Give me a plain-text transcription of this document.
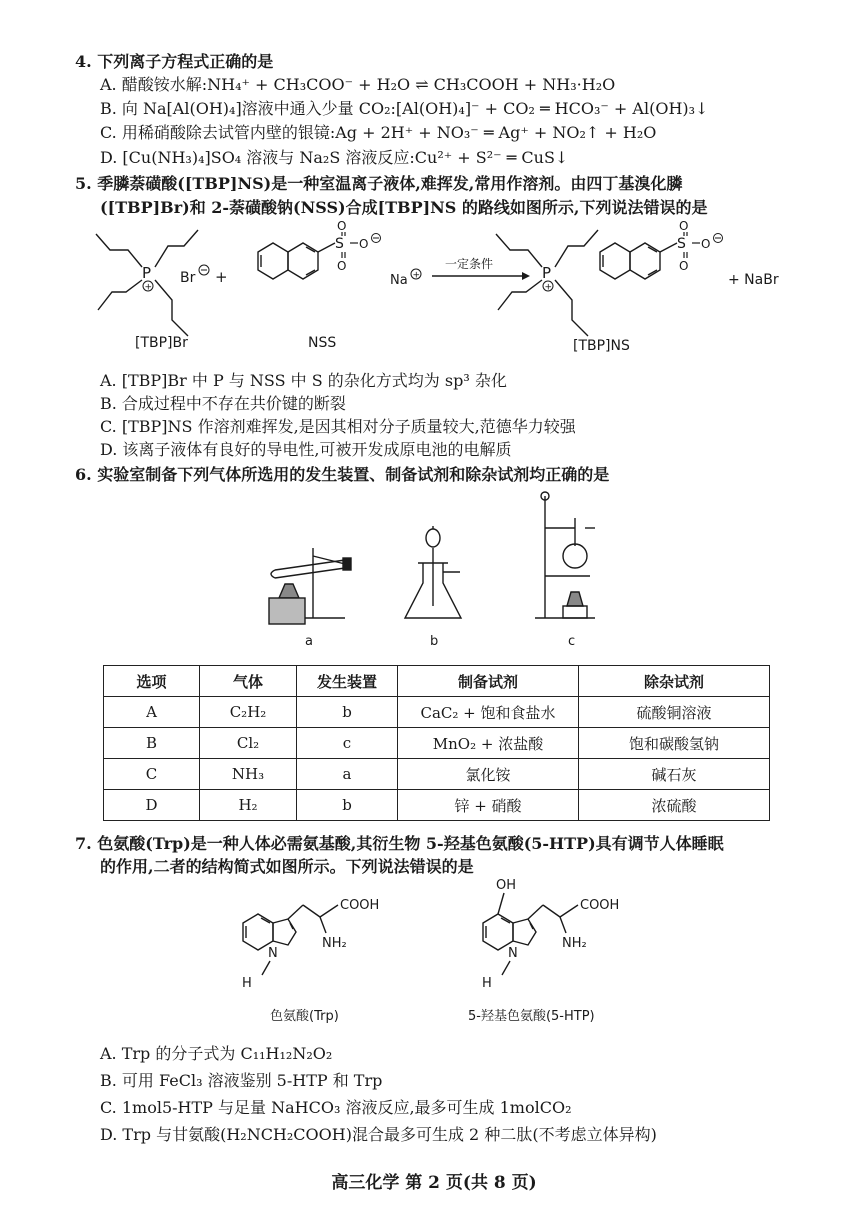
4. 下列离子方程式正确的是
A. 醋酸铵水解:NH₄⁺ + CH₃COO⁻ + H₂O ⇌ CH₃COOH + NH₃·H₂O
B. 向 Na[Al(OH)₄]溶液中通入少量 CO₂:[Al(OH)₄]⁻ + CO₂ ═ HCO₃⁻ + Al(OH)₃↓
C. 用稀硝酸除去试管内壁的银镜:Ag + 2H⁺ + NO₃⁻ ═ Ag⁺ + NO₂↑ + H₂O
D. [Cu(NH₃)₄]SO₄ 溶液与 Na₂S 溶液反应:Cu²⁺ + S²⁻ ═ CuS↓
5. 季膦萘磺酸([TBP]NS)是一种室温离子液体,难挥发,常用作溶剂。由四丁基溴化膦
([TBP]Br)和 2-萘磺酸钠(NSS)合成[TBP]NS 的路线如图所示,下列说法错误的是
P
+
Br +
[TBP]Br
S
O
O
O
Na +
NSS
一定条件	P
+
S
O
O
O
+ NaBr
[TBP]NS
A. [TBP]Br 中 P 与 NSS 中 S 的杂化方式均为 sp³ 杂化
B. 合成过程中不存在共价键的断裂
C. [TBP]NS 作溶剂难挥发,是因其相对分子质量较大,范德华力较强
D. 该离子液体有良好的导电性,可被开发成原电池的电解质
6. 实验室制备下列气体所选用的发生装置、制备试剂和除杂试剂均正确的是
a	b	c
选项	气体	发生装置	制备试剂	除杂试剂
A	C₂H₂	b	CaC₂ + 饱和食盐水	硫酸铜溶液
B	Cl₂	c	MnO₂ + 浓盐酸	饱和碳酸氢钠
C	NH₃	a	氯化铵	碱石灰
D	H₂	b	锌 + 硝酸	浓硫酸
7. 色氨酸(Trp)是一种人体必需氨基酸,其衍生物 5-羟基色氨酸(5-HTP)具有调节人体睡眠
的作用,二者的结构简式如图所示。下列说法错误的是
COOH
NH₂
N
H
色氨酸(Trp)
OH
COOH
NH₂
N
H
5-羟基色氨酸(5-HTP)
A. Trp 的分子式为 C₁₁H₁₂N₂O₂
B. 可用 FeCl₃ 溶液鉴别 5-HTP 和 Trp
C. 1mol5-HTP 与足量 NaHCO₃ 溶液反应,最多可生成 1molCO₂
D. Trp 与甘氨酸(H₂NCH₂COOH)混合最多可生成 2 种二肽(不考虑立体异构)
高三化学 第 2 页(共 8 页)
